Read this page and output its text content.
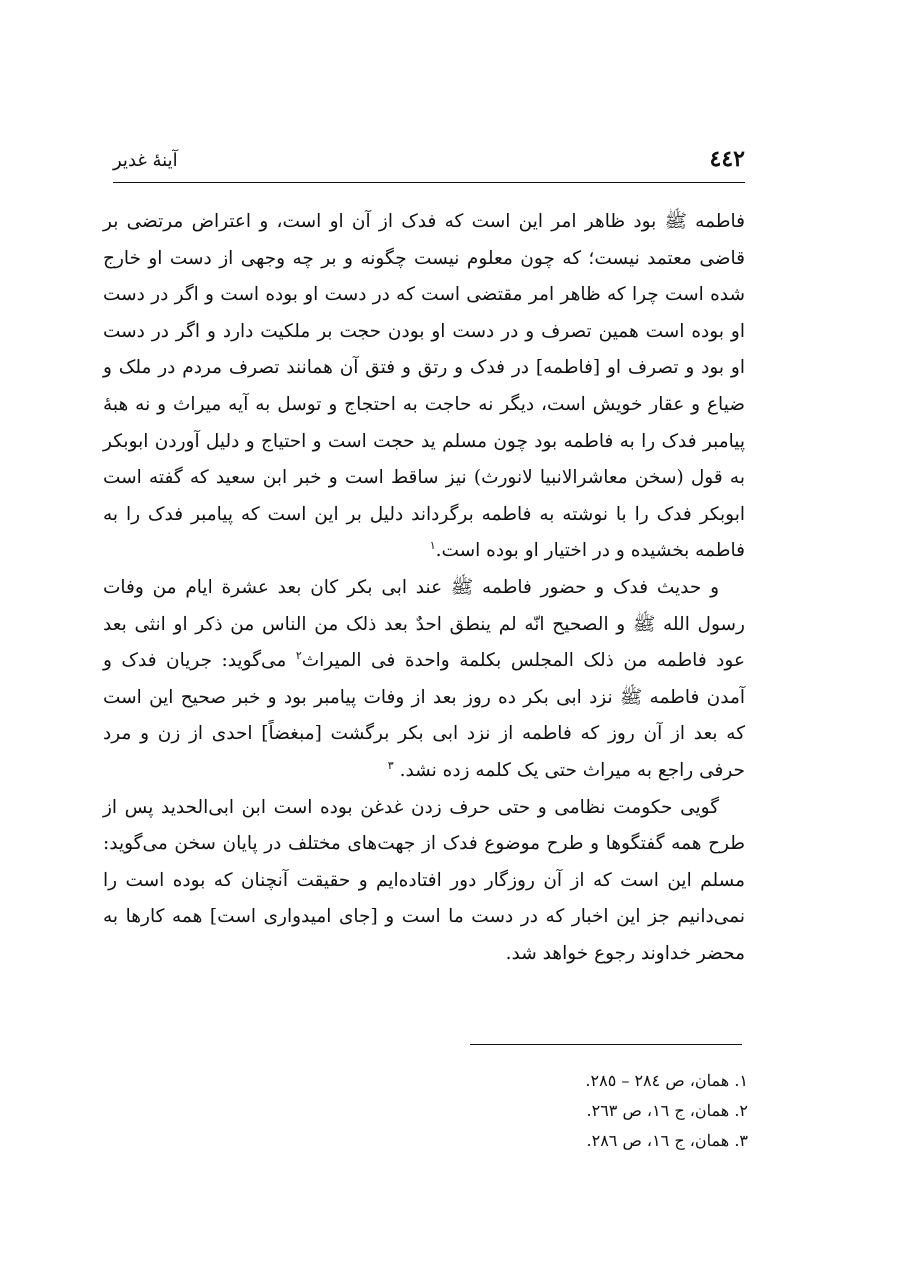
٤٤٢
آینهٔ غدیر

فاطمه ﷺ بود ظاهر امر این است که فدک از آن او است، و اعتراض مرتضی بر قاضی معتمد نیست؛ که چون معلوم نیست چگونه و بر چه وجهی از دست او خارج شده است چرا که ظاهر امر مقتضی است که در دست او بوده است و اگر در دست او بوده است همین تصرف و در دست او بودن حجت بر ملکیت دارد و اگر در دست او بود و تصرف او [فاطمه] در فدک و رتق و فتق آن همانند تصرف مردم در ملک و ضیاع و عقار خویش است، دیگر نه حاجت به احتجاج و توسل به آیه میراث و نه هبهٔ پیامبر فدک را به فاطمه بود چون مسلم ید حجت است و احتیاج و دلیل آوردن ابوبکر به قول (سخن معاشرالانبیا لانورث) نیز ساقط است و خبر ابن سعید که گفته است ابوبکر فدک را با نوشته به فاطمه برگرداند دلیل بر این است که پیامبر فدک را به فاطمه بخشیده و در اختیار او بوده است.$^١$

و حدیث فدک و حضور فاطمه ﷺ عند ابی بکر کان بعد عشرة ایام من وفات رسول الله ﷺ و الصحیح انّه لم ینطق احدٌ بعد ذلک من الناس من ذکر او انثی بعد عود فاطمه من ذلک المجلس بکلمة واحدة فی المیراث$^٢$ می‌گوید: جریان فدک و آمدن فاطمه ﷺ نزد ابی بکر ده روز بعد از وفات پیامبر بود و خبر صحیح این است که بعد از آن روز که فاطمه از نزد ابی بکر برگشت [مبغضاً] احدی از زن و مرد حرفی راجع به میراث حتی یک کلمه زده نشد. $^٣$

گویی حکومت نظامی و حتی حرف زدن غدغن بوده است ابن ابی‌الحدید پس از طرح همه گفتگوها و طرح موضوع فدک از جهت‌های مختلف در پایان سخن می‌گوید: مسلم این است که از آن روزگار دور افتاده‌ایم و حقیقت آنچنان که بوده است را نمی‌دانیم جز این اخبار که در دست ما است و [جای امیدواری است] همه کارها به محضر خداوند رجوع خواهد شد.

١. همان، ص ٢٨٤ – ٢٨٥.

٢. همان، ج ١٦، ص ٢٦٣.

٣. همان، ج ١٦، ص ٢٨٦.
